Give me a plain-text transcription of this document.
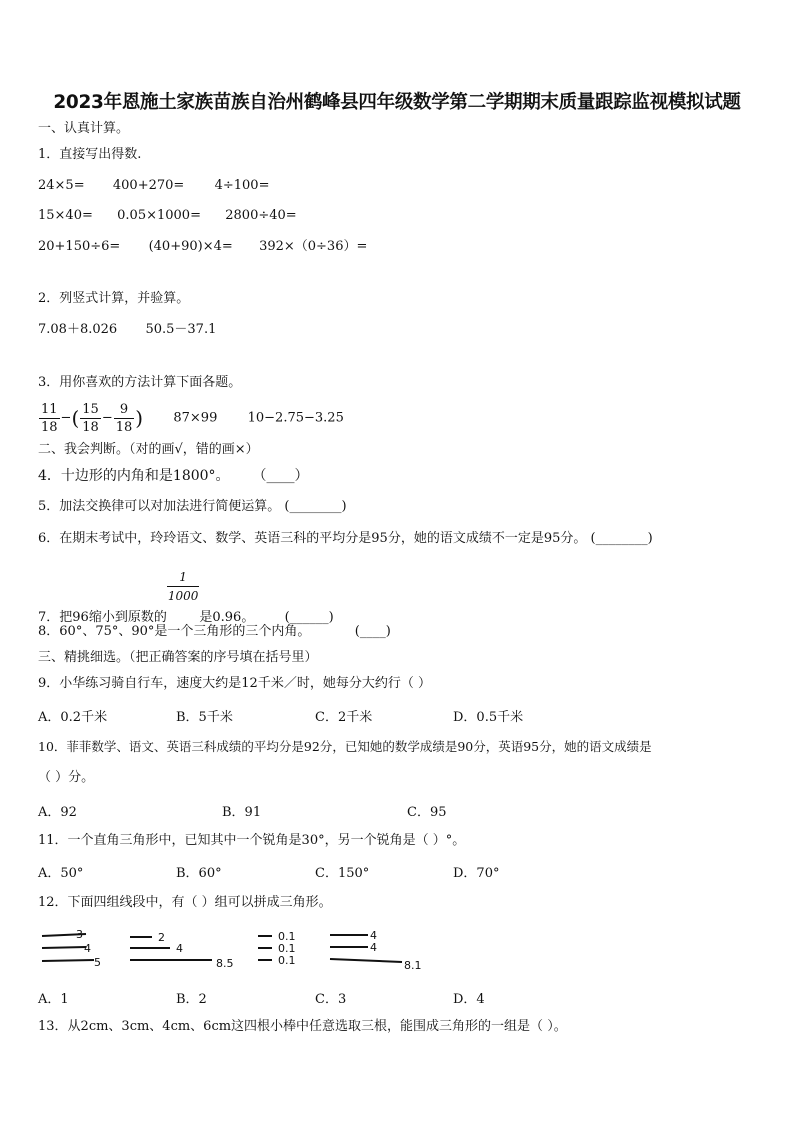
2023年恩施土家族苗族自治州鹤峰县四年级数学第二学期期末质量跟踪监视模拟试题
一、认真计算。
1．直接写出得数.
24×5= 400+270= 4÷100=
15×40= 0.05×1000= 2800÷40=
20+150÷6= (40+90)×4= 392×（0÷36）=
2．列竖式计算，并验算。
7.08＋8.026 50.5－37.1
3．用你喜欢的方法计算下面各题。
$\frac{11}{18}$ −( $\frac{15}{18} - \frac{9}{18}$ ) 87×99 10−2.75−3.25
二、我会判断。（对的画√，错的画×）
4．十边形的内角和是1800°。 （____）
5．加法交换律可以对加法进行简便运算。 (________)
6．在期末考试中，玲玲语文、数学、英语三科的平均分是95分，她的语文成绩不一定是95分。 (________)
7．把96缩小到原数的
$\frac{1}{1000}$
是0.96。 (______)
8．60°、75°、90°是一个三角形的三个内角。	(____)
三、精挑细选。（把正确答案的序号填在括号里）
9．小华练习骑自行车，速度大约是12千米／时，她每分大约行（ ）
A．0.2千米	B．5千米	C．2千米	D．0.5千米
10．菲菲数学、语文、英语三科成绩的平均分是92分，已知她的数学成绩是90分，英语95分，她的语文成绩是
（ ）分。
A．92	B．91	C．95
11．一个直角三角形中，已知其中一个锐角是30°，另一个锐角是（ ）°。
A．50°	B．60°	C．150°	D．70°
12．下面四组线段中，有（ ）组可以拼成三角形。
3
4
5
2
4
8.5
0.1
0.1
0.1
4
4
8.1
A．1	B．2	C．3	D．4
13．从2cm、3cm、4cm、6cm这四根小棒中任意选取三根，能围成三角形的一组是（ ）。
